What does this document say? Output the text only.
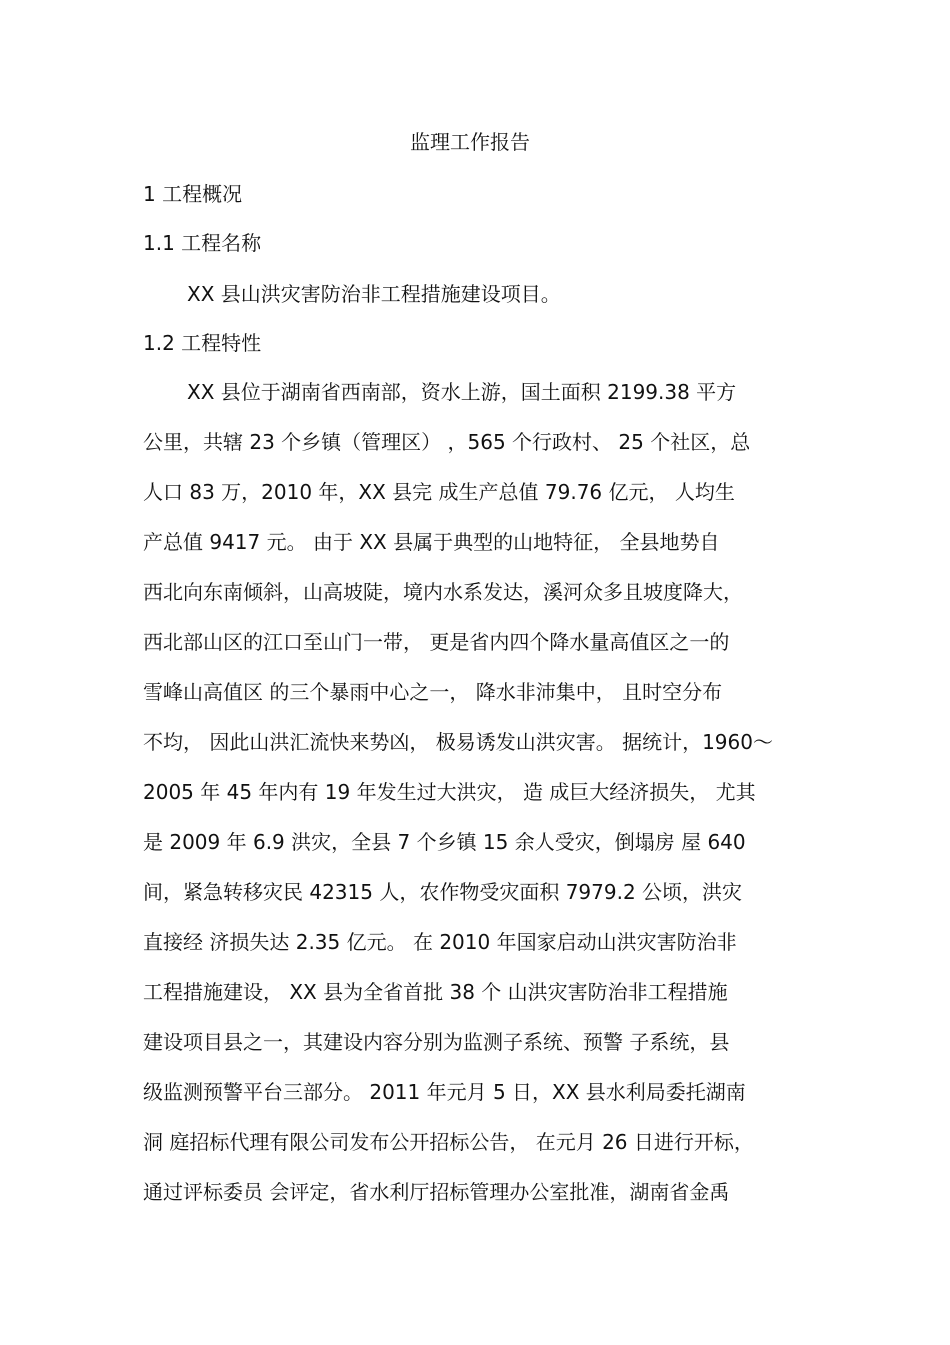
监理工作报告
1 工程概况
1.1 工程名称
XX 县山洪灾害防治非工程措施建设项目。
1.2 工程特性
XX 县位于湖南省西南部，资水上游，国土面积 2199.38 平方
公里，共辖 23 个乡镇（管理区） ，565 个行政村、 25 个社区，总
人口 83 万，2010 年，XX 县完 成生产总值 79.76 亿元， 人均生
产总值 9417 元。 由于 XX 县属于典型的山地特征， 全县地势自
西北向东南倾斜，山高坡陡，境内水系发达，溪河众多且坡度降大，
西北部山区的江口至山门一带， 更是省内四个降水量高值区之一的
雪峰山高值区 的三个暴雨中心之一， 降水非沛集中， 且时空分布
不均， 因此山洪汇流快来势凶， 极易诱发山洪灾害。 据统计，1960～
2005 年 45 年内有 19 年发生过大洪灾， 造 成巨大经济损失， 尤其
是 2009 年 6.9 洪灾，全县 7 个乡镇 15 余人受灾，倒塌房 屋 640
间，紧急转移灾民 42315 人，农作物受灾面积 7979.2 公顷，洪灾
直接经 济损失达 2.35 亿元。 在 2010 年国家启动山洪灾害防治非
工程措施建设， XX 县为全省首批 38 个 山洪灾害防治非工程措施
建设项目县之一，其建设内容分别为监测子系统、预警 子系统，县
级监测预警平台三部分。 2011 年元月 5 日，XX 县水利局委托湖南
洞 庭招标代理有限公司发布公开招标公告， 在元月 26 日进行开标，
通过评标委员 会评定，省水利厅招标管理办公室批准，湖南省金禹
